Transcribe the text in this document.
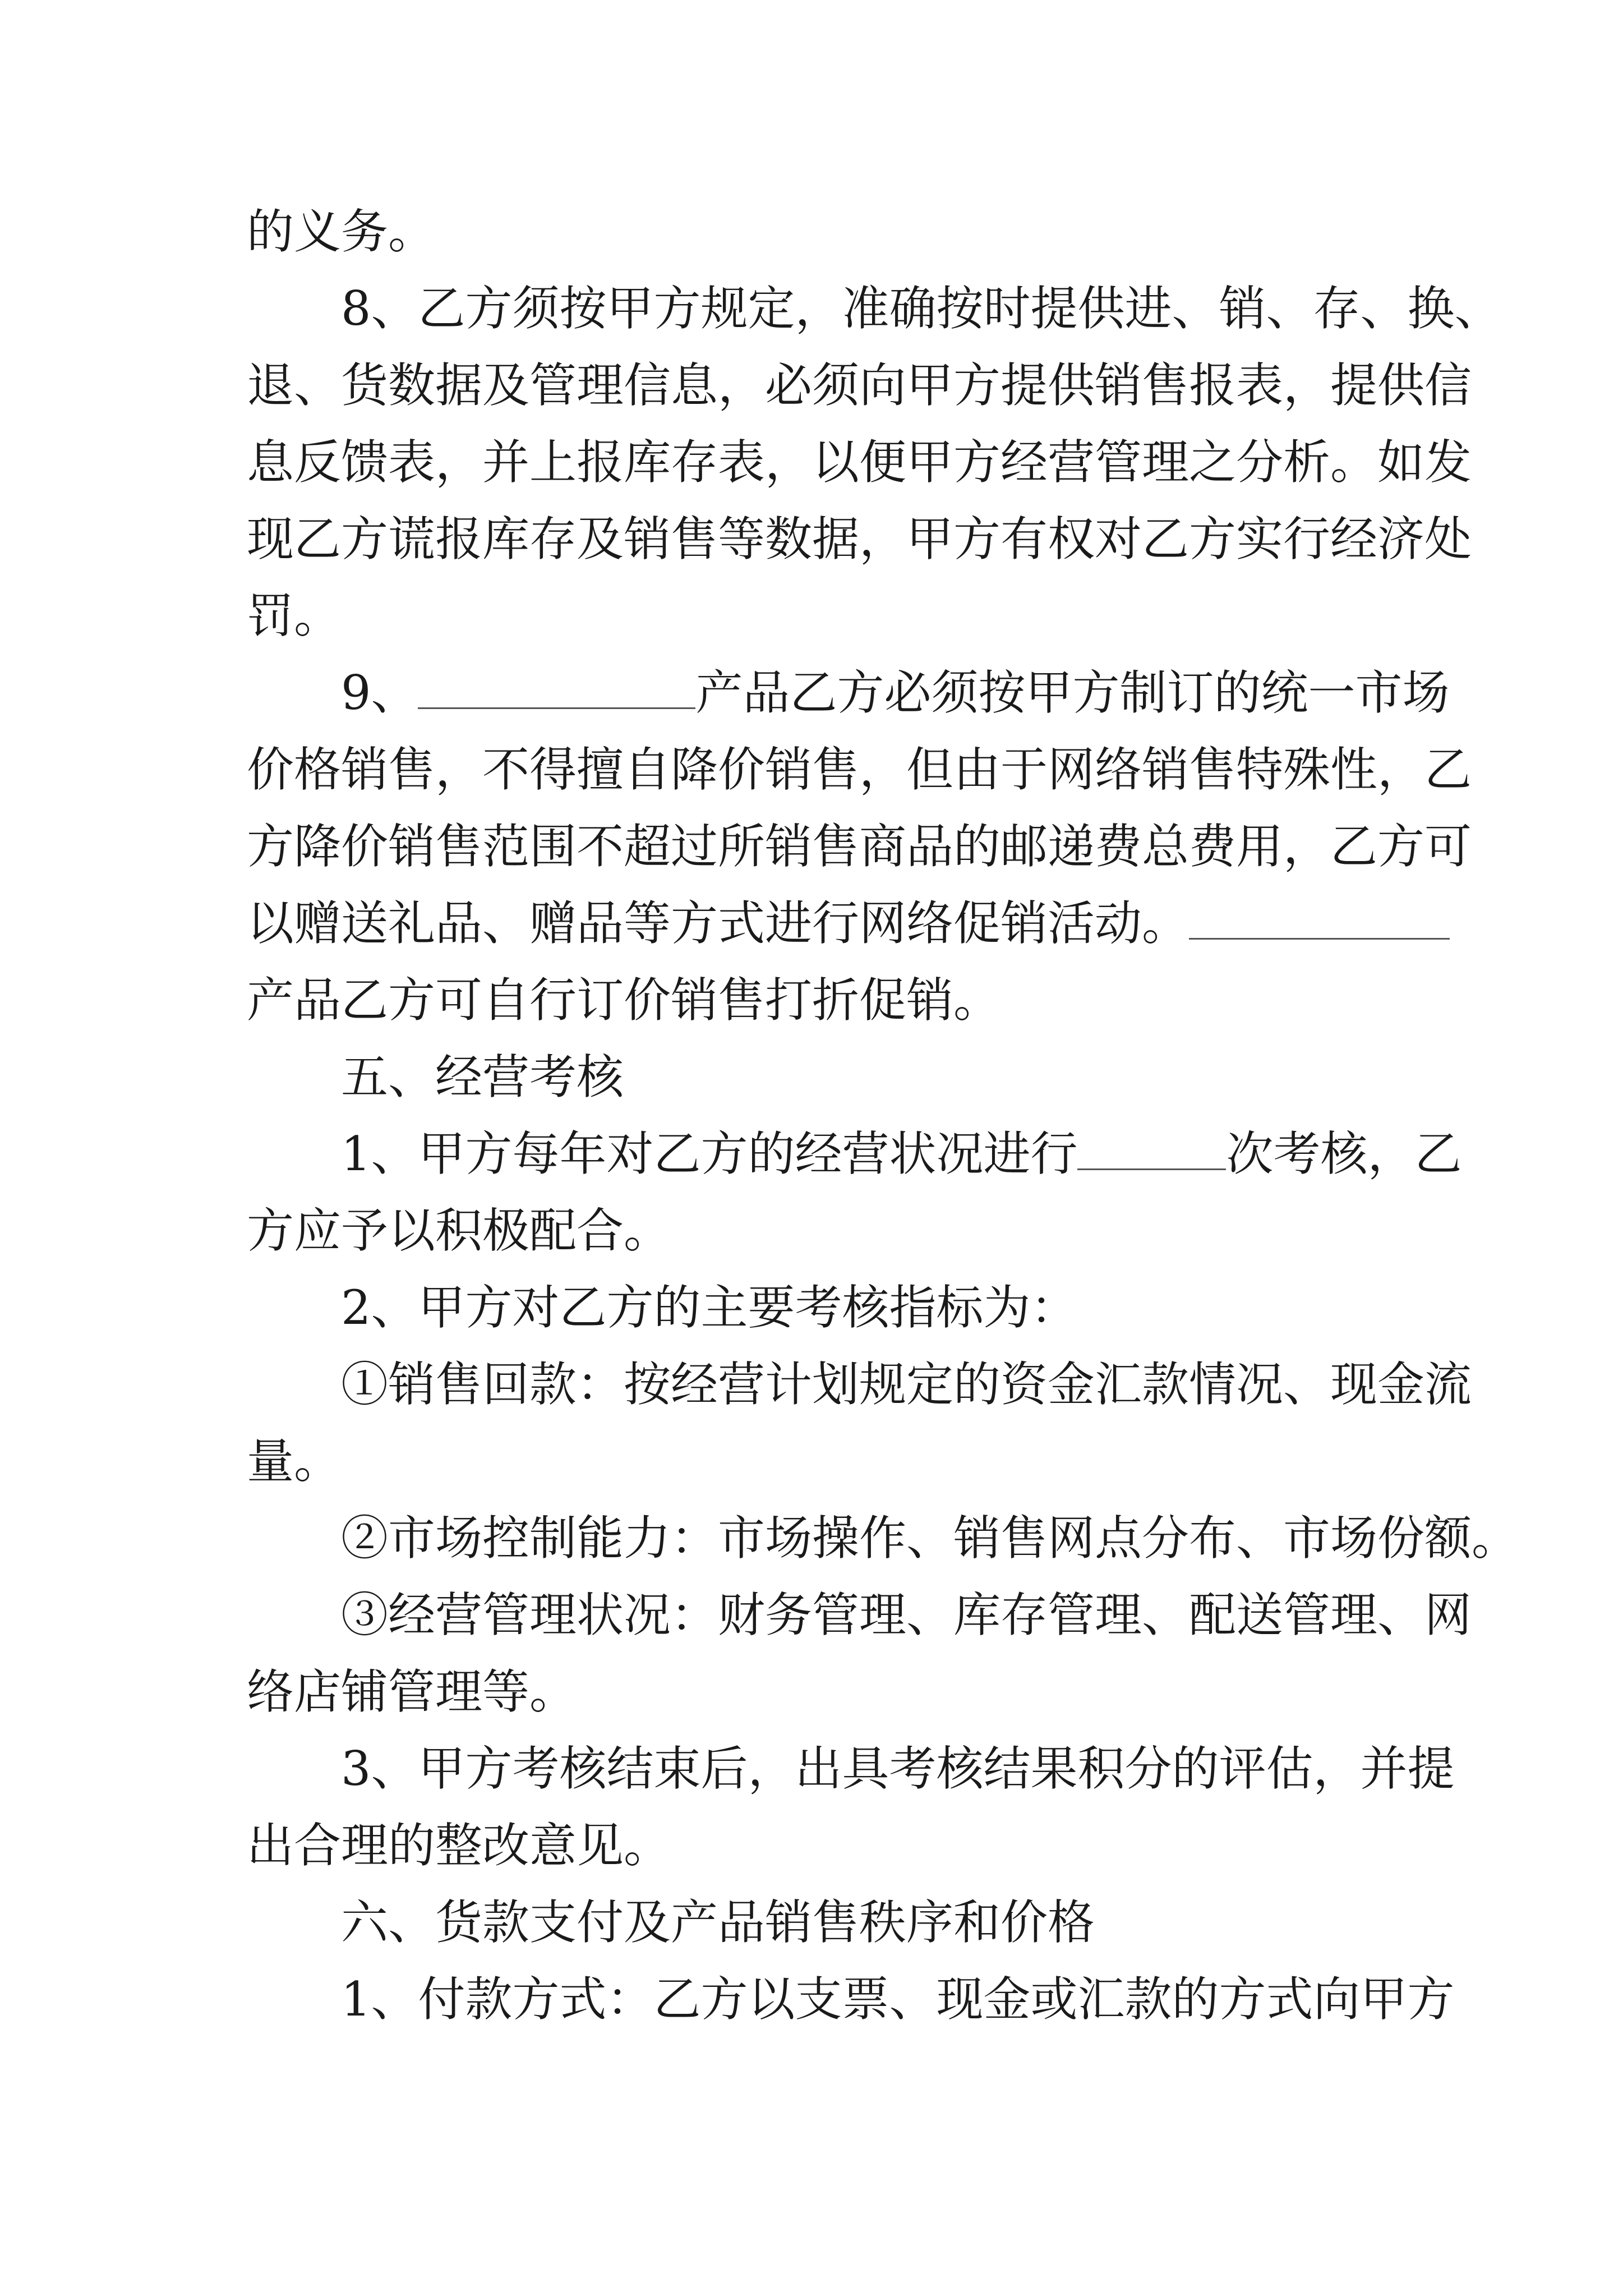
的义务。
8、乙方须按甲方规定，准确按时提供进、销、存、换、
退、货数据及管理信息，必须向甲方提供销售报表，提供信
息反馈表，并上报库存表，以便甲方经营管理之分析。如发
现乙方谎报库存及销售等数据，甲方有权对乙方实行经济处
罚。
9、	产品乙方必须按甲方制订的统一市场
价格销售，不得擅自降价销售，但由于网络销售特殊性，乙
方降价销售范围不超过所销售商品的邮递费总费用，乙方可
以赠送礼品、赠品等方式进行网络促销活动。
产品乙方可自行订价销售打折促销。
五、经营考核
1、甲方每年对乙方的经营状况进行	次考核，乙
方应予以积极配合。
2、甲方对乙方的主要考核指标为：
①销售回款：按经营计划规定的资金汇款情况、现金流
量。
②市场控制能力：市场操作、销售网点分布、市场份额。
③经营管理状况：财务管理、库存管理、配送管理、网
络店铺管理等。
3、甲方考核结束后，出具考核结果积分的评估，并提
出合理的整改意见。
六、货款支付及产品销售秩序和价格
1、付款方式：乙方以支票、现金或汇款的方式向甲方
